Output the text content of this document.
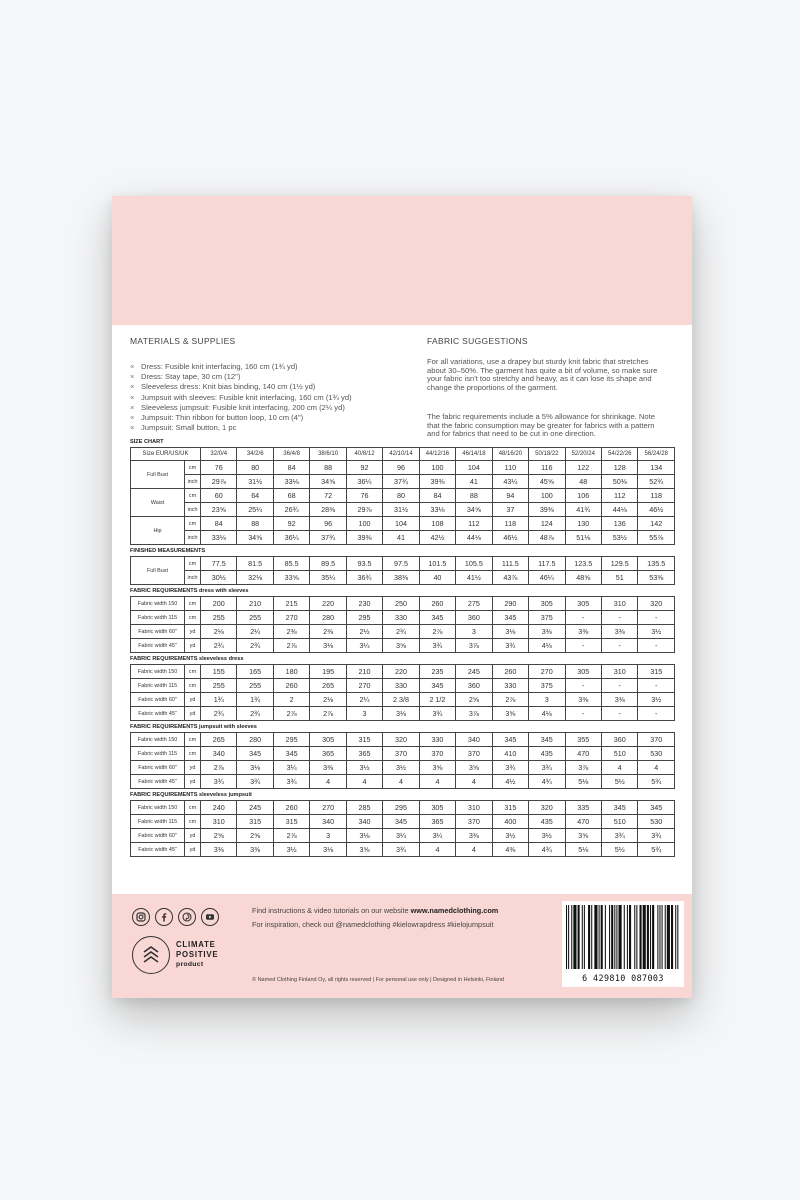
MATERIALS & SUPPLIES
× Dress: Fusible knit interfacing, 160 cm (1¾ yd)
× Dress: Stay tape, 30 cm (12")
× Sleeveless dress: Knit bias binding, 140 cm (1½ yd)
× Jumpsuit with sleeves: Fusible knit interfacing, 160 cm (1¾ yd)
× Sleeveless jumpsuit: Fusible knit interfacing, 200 cm (2¼ yd)
× Jumpsuit: Thin ribbon for button loop, 10 cm (4")
× Jumpsuit: Small button, 1 pc
FABRIC SUGGESTIONS

For all variations, use a drapey but sturdy knit fabric that stretches about 30–50%. The garment has quite a bit of volume, so make sure your fabric isn't too stretchy and heavy, as it can lose its shape and change the proportions of the garment.

The fabric requirements include a 5% allowance for shrinkage. Note that the fabric consumption may be greater for fabrics with a pattern and for fabrics that need to be cut in one direction.

SIZE CHART
Size EUR/US/UK		32/0/4	34/2/6	36/4/8	38/6/10	40/8/12	42/10/14	44/12/16	46/14/18	48/16/20	50/18/22	52/20/24	54/22/26	56/24/28
Full Bust	cm	76	80	84	88	92	96	100	104	110	116	122	128	134
	inch	29⅞	31½	33⅛	34⅝	36¼	37¾	39⅜	41	43¼	45⅝	48	50⅜	52¾
Waist	cm	60	64	68	72	76	80	84	88	94	100	106	112	118
	inch	23⅝	25¼	26¾	28⅜	29⅞	31½	33⅛	34⅝	37	39⅜	41¾	44⅛	46½
Hip	cm	84	88	92	96	100	104	108	112	118	124	130	136	142
	inch	33⅛	34⅝	36¼	37¾	39⅜	41	42½	44⅛	46½	48⅞	51⅛	53½	55⅞
FINISHED MEASUREMENTS
Full Bust	cm	77.5	81.5	85.5	89.5	93.5	97.5	101.5	105.5	111.5	117.5	123.5	129.5	135.5
	inch	30½	32⅛	33⅝	35¼	36¾	38⅜	40	41½	43⅞	46¼	48⅝	51	53⅜
FABRIC REQUIREMENTS dress with sleeves
Fabric width 150	cm	200	210	215	220	230	250	260	275	290	305	305	310	320
Fabric width 115	cm	255	255	270	280	295	330	345	360	345	375	-	-	-
Fabric width 60"	yd	2⅛	2¼	2⅜	2⅜	2½	2¾	2⅞	3	3⅛	3⅜	3⅜	3⅜	3½
Fabric width 45"	yd	2¾	2¾	2⅞	3⅛	3¼	3⅝	3¾	3⅞	3¾	4⅛	-	-	-
FABRIC REQUIREMENTS sleeveless dress
Fabric width 150	cm	155	165	180	195	210	220	235	245	260	270	305	310	315
Fabric width 115	cm	255	255	260	265	270	330	345	360	330	375	-	-	-
Fabric width 60"	yd	1¾	1¾	2	2⅛	2¼	2 3/8	2 1/2	2⅝	2⅞	3	3⅜	3⅜	3½
Fabric width 45"	yd	2¾	2¾	2⅞	2⅞	3	3⅛	3¾	3⅞	3⅝	4⅛	-	-	-
FABRIC REQUIREMENTS jumpsuit with sleeves
Fabric width 150	cm	265	280	295	305	315	320	330	340	345	345	355	360	370
Fabric width 115	cm	340	345	345	365	365	370	370	370	410	435	470	510	530
Fabric width 60"	yd	2⅞	3⅛	3¼	3⅜	3½	3½	3⅝	3⅝	3¾	3¾	3⅞	4	4
Fabric width 45"	yd	3¾	3¾	3¾	4	4	4	4	4	4½	4¾	5⅛	5½	5¾
FABRIC REQUIREMENTS sleeveless jumpsuit
Fabric width 150	cm	240	245	260	270	285	295	305	310	315	320	335	345	345
Fabric width 115	cm	310	315	315	340	340	345	365	370	400	435	470	510	530
Fabric width 60"	yd	2⅝	2⅝	2⅞	3	3⅛	3¼	3¼	3⅜	3½	3½	3⅝	3¾	3¾
Fabric width 45"	yd	3⅜	3⅜	3½	3⅛	3⅝	3¾	4	4	4⅜	4¾	5⅛	5½	5¾
CLIMATE
POSITIVE
product
Find instructions & video tutorials on our website www.namedclothing.com
For inspiration, check out @namedclothing #kielowrapdress #kielojumpsuit
© Named Clothing Finland Oy, all rights reserved | For personal use only | Designed in Helsinki, Finland	6 429810 087003
